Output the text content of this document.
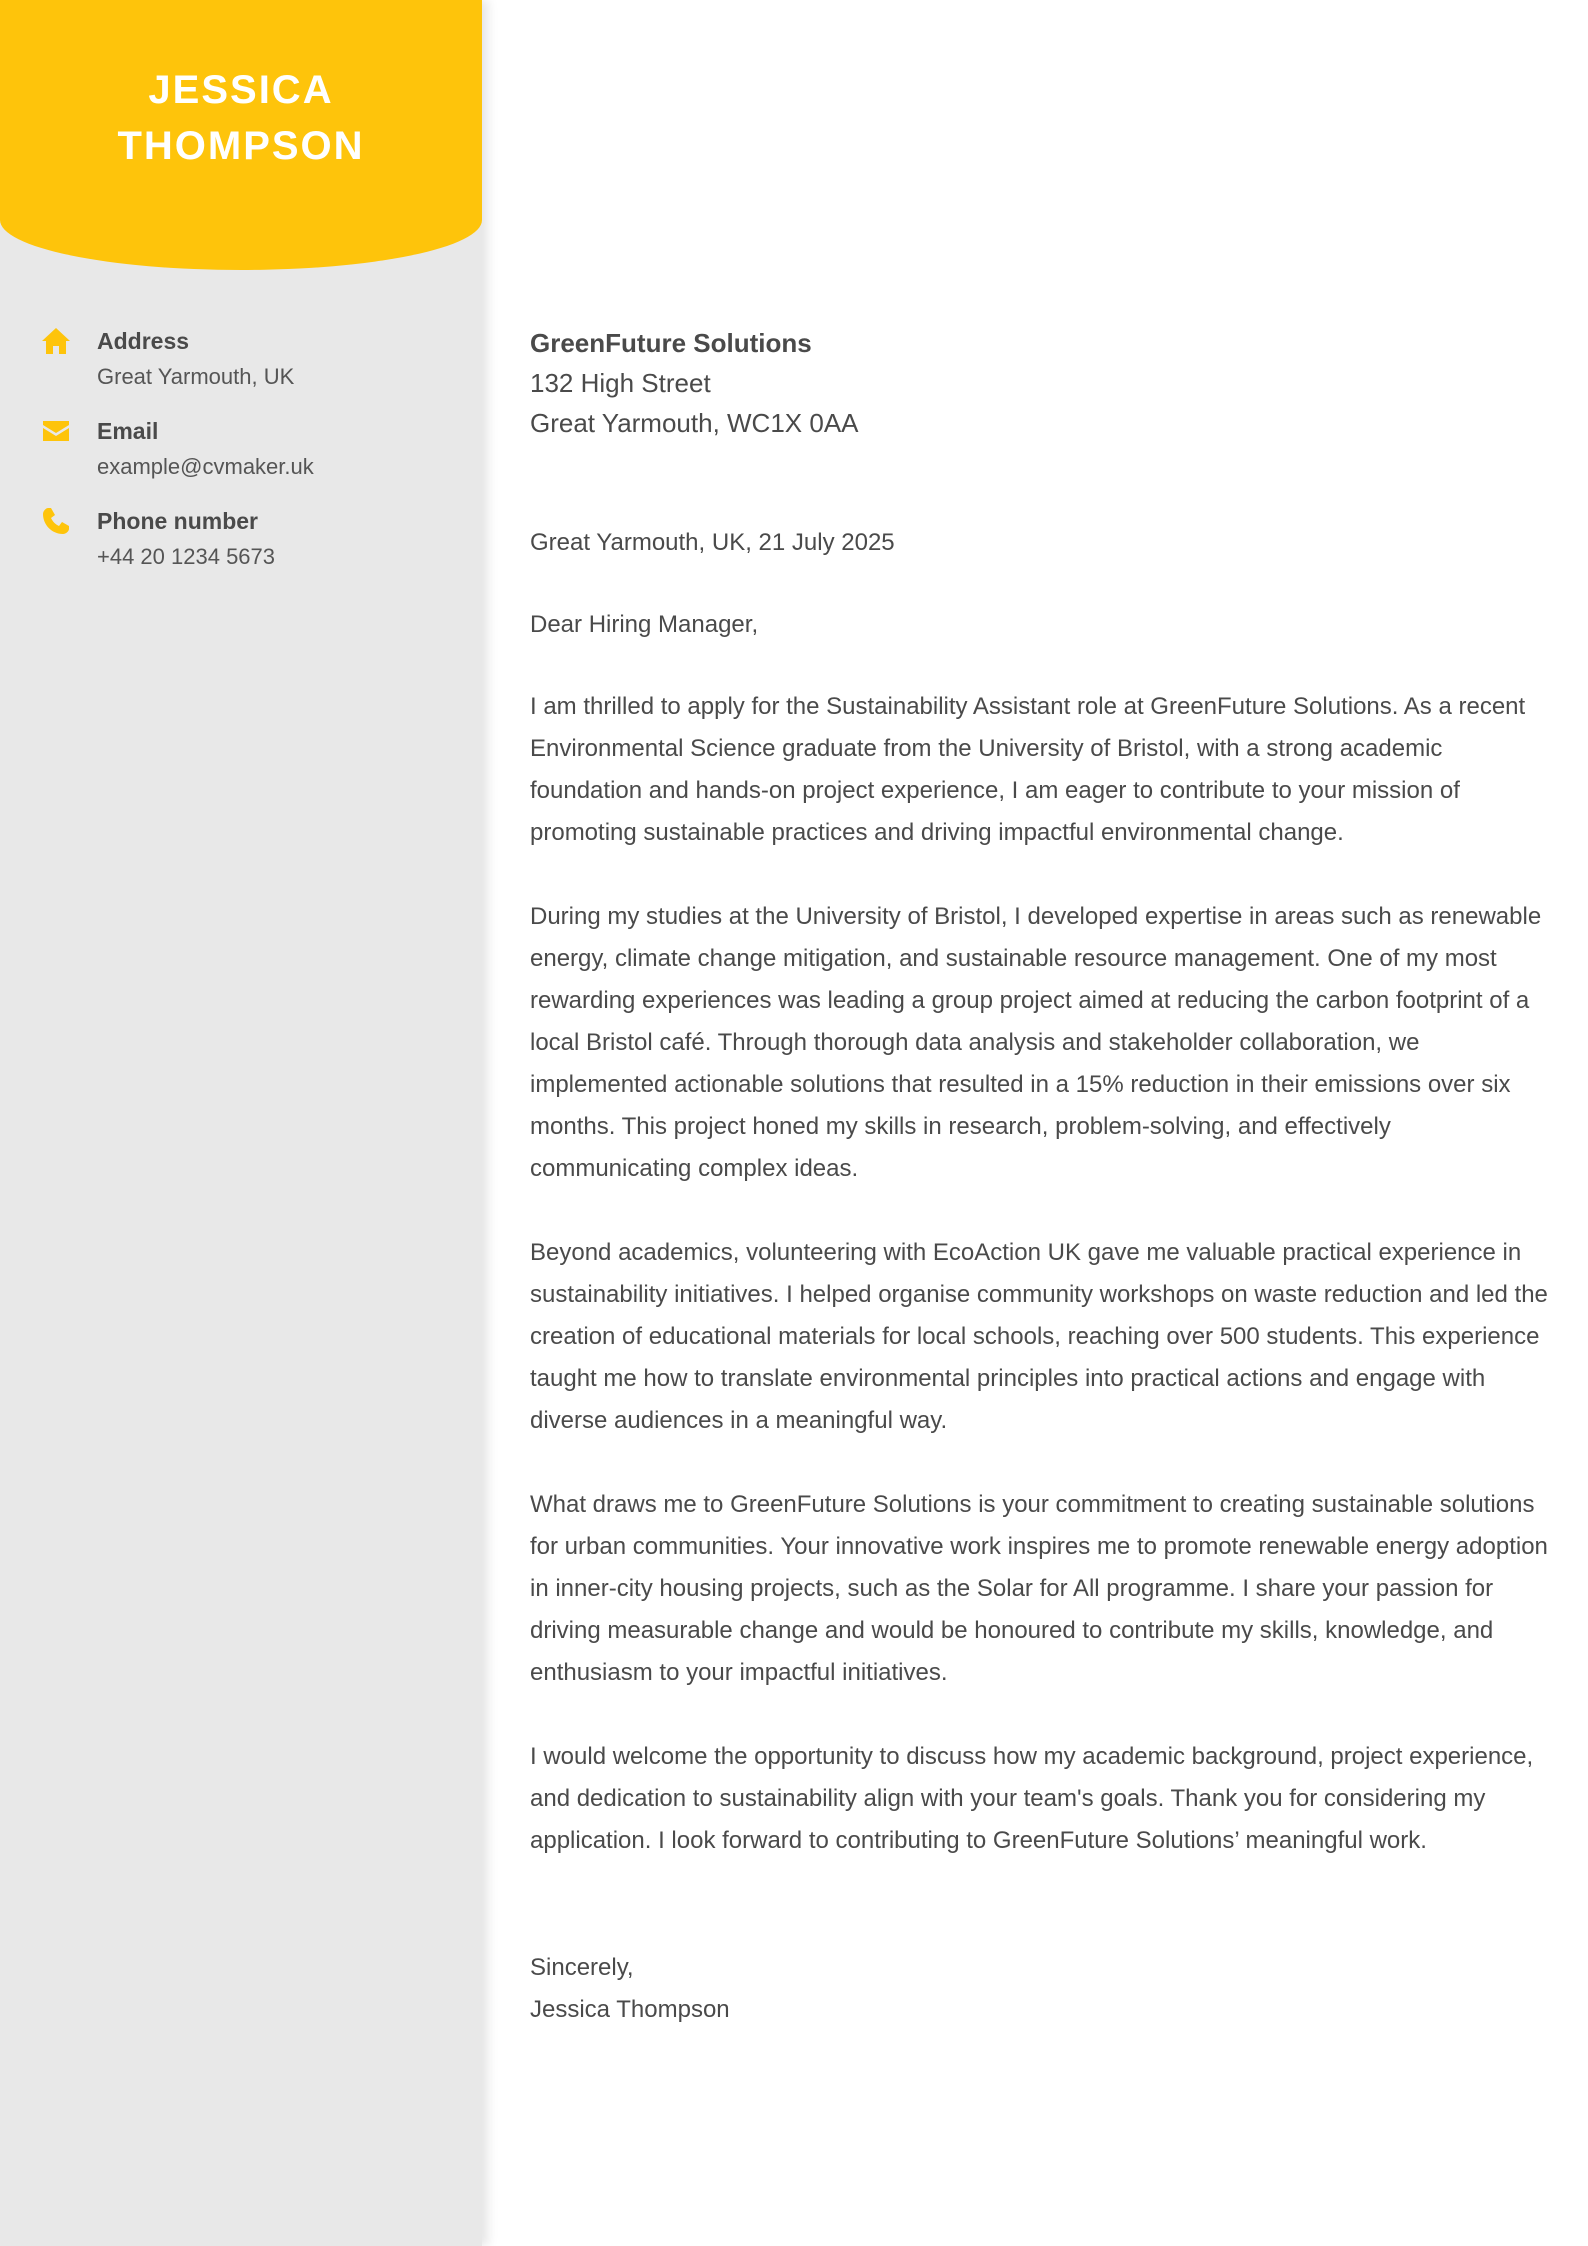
JESSICA
THOMPSON
Address
Great Yarmouth, UK
Email
example@cvmaker.uk
Phone number
+44 20 1234 5673
GreenFuture Solutions
132 High Street
Great Yarmouth, WC1X 0AA

Great Yarmouth, UK, 21 July 2025

Dear Hiring Manager,

I am thrilled to apply for the Sustainability Assistant role at GreenFuture Solutions. As a recent Environmental Science graduate from the University of Bristol, with a strong academic foundation and hands-on project experience, I am eager to contribute to your mission of promoting sustainable practices and driving impactful environmental change.

During my studies at the University of Bristol, I developed expertise in areas such as renewable energy, climate change mitigation, and sustainable resource management. One of my most rewarding experiences was leading a group project aimed at reducing the carbon footprint of a local Bristol café. Through thorough data analysis and stakeholder collaboration, we implemented actionable solutions that resulted in a 15% reduction in their emissions over six months. This project honed my skills in research, problem-solving, and effectively communicating complex ideas.

Beyond academics, volunteering with EcoAction UK gave me valuable practical experience in sustainability initiatives. I helped organise community workshops on waste reduction and led the creation of educational materials for local schools, reaching over 500 students. This experience taught me how to translate environmental principles into practical actions and engage with diverse audiences in a meaningful way.

What draws me to GreenFuture Solutions is your commitment to creating sustainable solutions for urban communities. Your innovative work inspires me to promote renewable energy adoption in inner-city housing projects, such as the Solar for All programme. I share your passion for driving measurable change and would be honoured to contribute my skills, knowledge, and enthusiasm to your impactful initiatives.

I would welcome the opportunity to discuss how my academic background, project experience, and dedication to sustainability align with your team's goals. Thank you for considering my application. I look forward to contributing to GreenFuture Solutions’ meaningful work.

Sincerely,
Jessica Thompson
